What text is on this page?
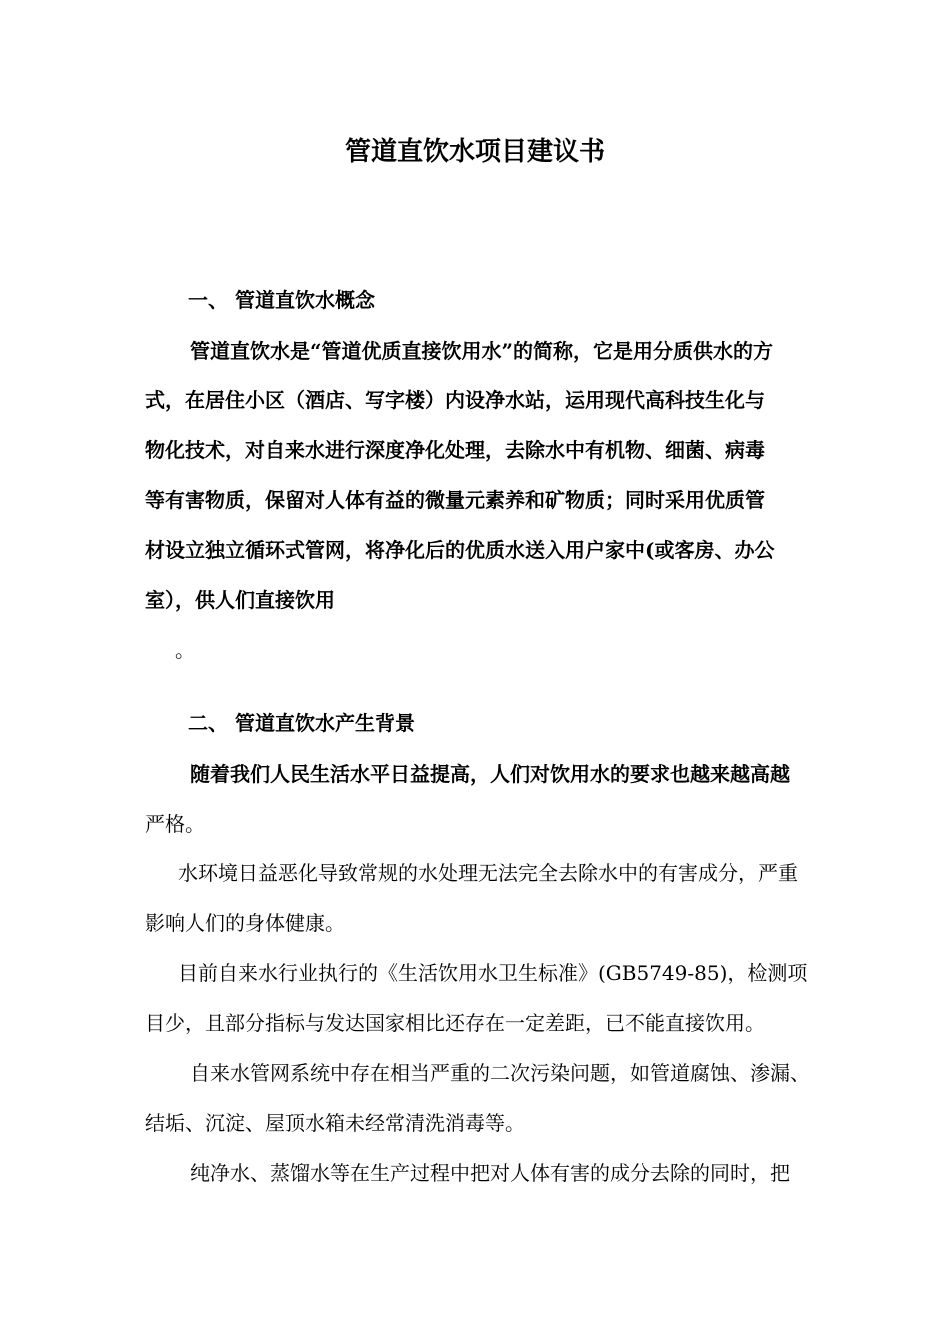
管道直饮水项目建议书
一、 管道直饮水概念
管道直饮水是“管道优质直接饮用水”的简称，它是用分质供水的方
式，在居住小区（酒店、写字楼）内设净水站，运用现代高科技生化与
物化技术，对自来水进行深度净化处理，去除水中有机物、细菌、病毒
等有害物质，保留对人体有益的微量元素养和矿物质；同时采用优质管
材设立独立循环式管网，将净化后的优质水送入用户家中(或客房、办公
室），供人们直接饮用
。
二、 管道直饮水产生背景
随着我们人民生活水平日益提高，人们对饮用水的要求也越来越高越
严格。
水环境日益恶化导致常规的水处理无法完全去除水中的有害成分，严重
影响人们的身体健康。
目前自来水行业执行的《生活饮用水卫生标准》(GB5749-85)，检测项
目少，且部分指标与发达国家相比还存在一定差距，已不能直接饮用。
自来水管网系统中存在相当严重的二次污染问题，如管道腐蚀、渗漏、
结垢、沉淀、屋顶水箱未经常清洗消毒等。
纯净水、蒸馏水等在生产过程中把对人体有害的成分去除的同时，把
